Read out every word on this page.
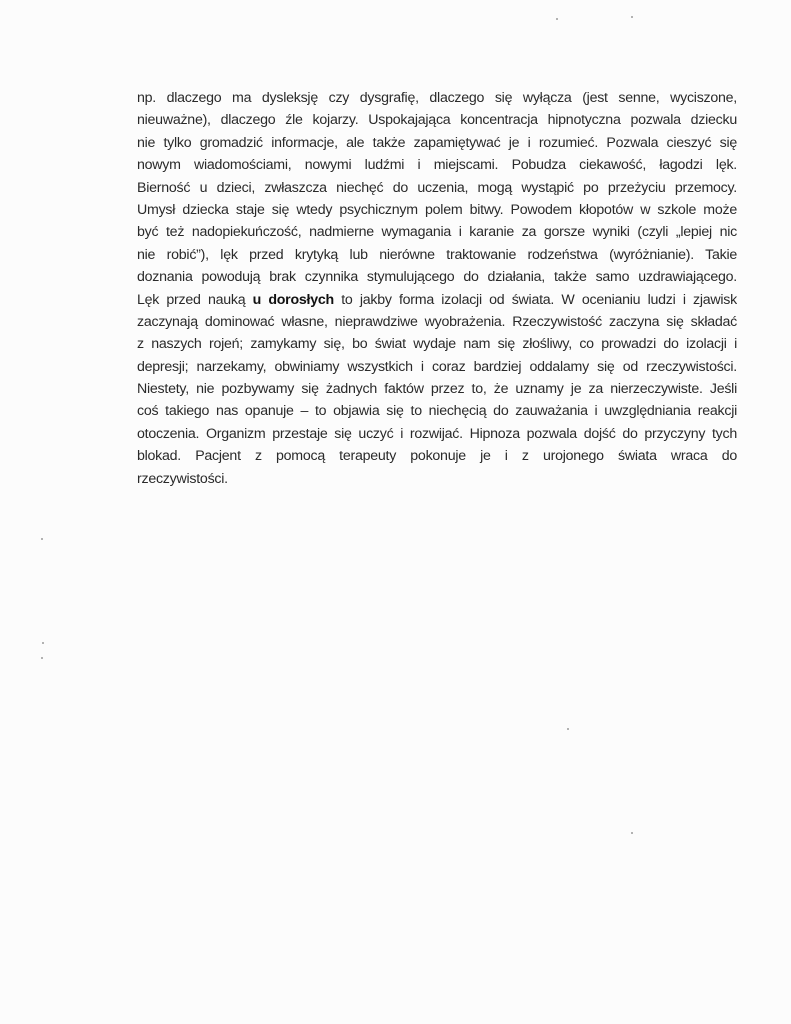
np. dlaczego ma dysleksję czy dysgrafię, dlaczego się wyłącza (jest senne, wyciszone,
nieuważne), dlaczego źle kojarzy. Uspokajająca koncentracja hipnotyczna pozwala dziecku
nie tylko gromadzić informacje, ale także zapamiętywać je i rozumieć. Pozwala cieszyć się
nowym wiadomościami, nowymi ludźmi i miejscami. Pobudza ciekawość, łagodzi lęk.
Bierność u dzieci, zwłaszcza niechęć do uczenia, mogą wystąpić po przeżyciu przemocy.
Umysł dziecka staje się wtedy psychicznym polem bitwy. Powodem kłopotów w szkole może
być też nadopiekuńczość, nadmierne wymagania i karanie za gorsze wyniki (czyli „lepiej nic
nie robić”), lęk przed krytyką lub nierówne traktowanie rodzeństwa (wyróżnianie). Takie
doznania powodują brak czynnika stymulującego do działania, także samo uzdrawiającego.
Lęk przed nauką u dorosłych to jakby forma izolacji od świata. W ocenianiu ludzi i zjawisk
zaczynają dominować własne, nieprawdziwe wyobrażenia. Rzeczywistość zaczyna się składać
z naszych rojeń; zamykamy się, bo świat wydaje nam się złośliwy, co prowadzi do izolacji i
depresji; narzekamy, obwiniamy wszystkich i coraz bardziej oddalamy się od rzeczywistości.
Niestety, nie pozbywamy się żadnych faktów przez to, że uznamy je za nierzeczywiste. Jeśli
coś takiego nas opanuje – to objawia się to niechęcią do zauważania i uwzględniania reakcji
otoczenia. Organizm przestaje się uczyć i rozwijać. Hipnoza pozwala dojść do przyczyny tych
blokad. Pacjent z pomocą terapeuty pokonuje je i z urojonego świata wraca do
rzeczywistości.
